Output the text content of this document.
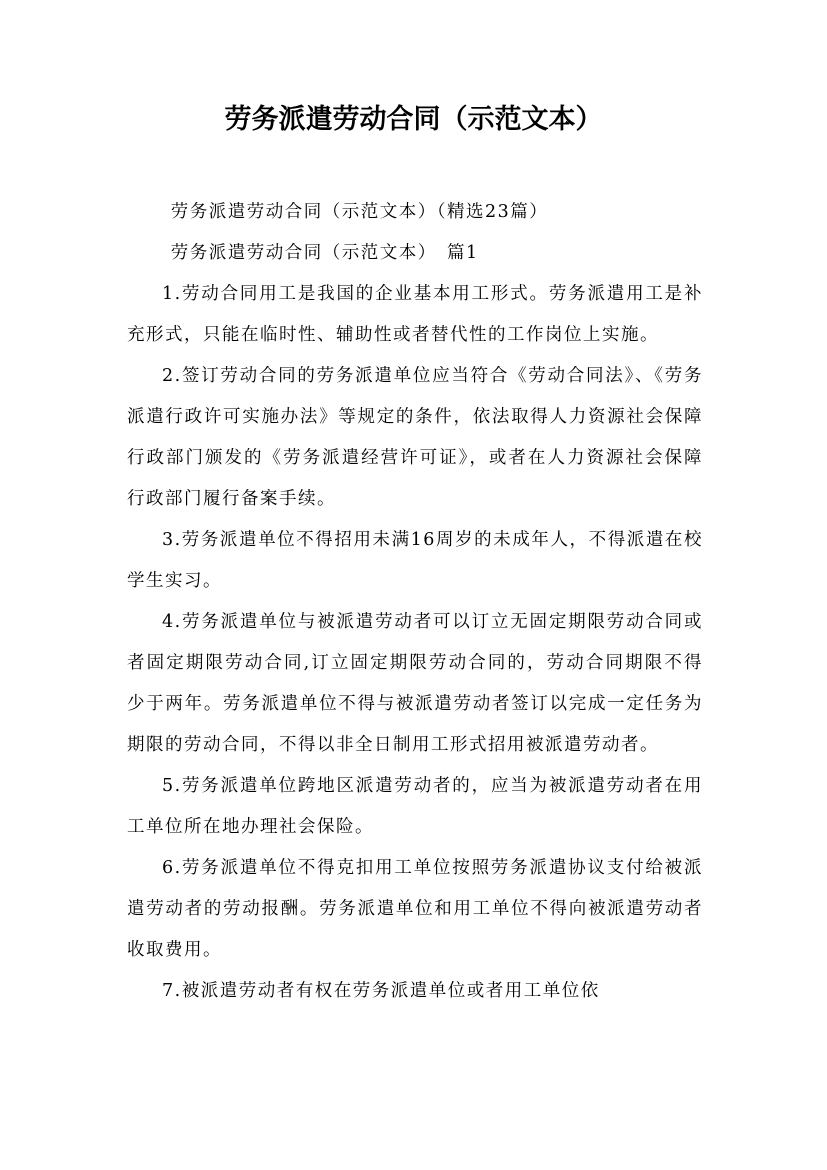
劳务派遣劳动合同（示范文本）

劳务派遣劳动合同（示范文本）（精选23篇）

劳务派遣劳动合同（示范文本）　篇1

1.劳动合同用工是我国的企业基本用工形式。劳务派遣用工是补充形式，只能在临时性、辅助性或者替代性的工作岗位上实施。

2.签订劳动合同的劳务派遣单位应当符合《劳动合同法》、《劳务派遣行政许可实施办法》等规定的条件，依法取得人力资源社会保障行政部门颁发的《劳务派遣经营许可证》，或者在人力资源社会保障行政部门履行备案手续。

3.劳务派遣单位不得招用未满16周岁的未成年人，不得派遣在校学生实习。

4.劳务派遣单位与被派遣劳动者可以订立无固定期限劳动合同或者固定期限劳动合同,订立固定期限劳动合同的，劳动合同期限不得少于两年。劳务派遣单位不得与被派遣劳动者签订以完成一定任务为期限的劳动合同，不得以非全日制用工形式招用被派遣劳动者。

5.劳务派遣单位跨地区派遣劳动者的，应当为被派遣劳动者在用工单位所在地办理社会保险。

6.劳务派遣单位不得克扣用工单位按照劳务派遣协议支付给被派遣劳动者的劳动报酬。劳务派遣单位和用工单位不得向被派遣劳动者收取费用。

7.被派遣劳动者有权在劳务派遣单位或者用工单位依
